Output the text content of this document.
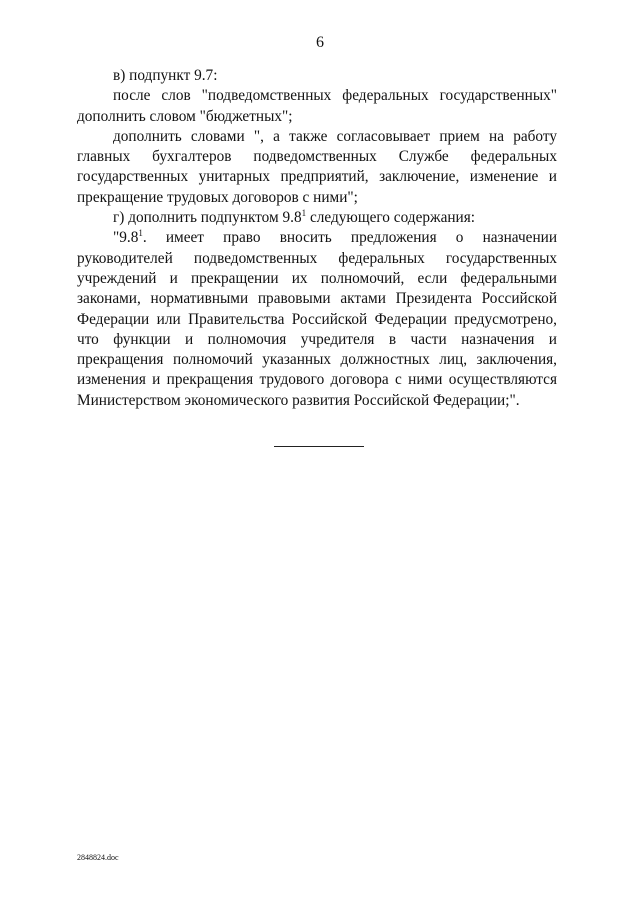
6

в) подпункт 9.7:

после слов "подведомственных федеральных государственных" дополнить словом "бюджетных";

дополнить словами ", а также согласовывает прием на работу главных бухгалтеров подведомственных Службе федеральных государственных унитарных предприятий, заключение, изменение и прекращение трудовых договоров с ними";

г) дополнить подпунктом $9.8^1$ следующего содержания:

"$9.8^1$. имеет право вносить предложения о назначении руководителей подведомственных федеральных государственных учреждений и прекращении их полномочий, если федеральными законами, нормативными правовыми актами Президента Российской Федерации или Правительства Российской Федерации предусмотрено, что функции и полномочия учредителя в части назначения и прекращения полномочий указанных должностных лиц, заключения, изменения и прекращения трудового договора с ними осуществляются Министерством экономического развития Российской Федерации;".

2848824.doc
